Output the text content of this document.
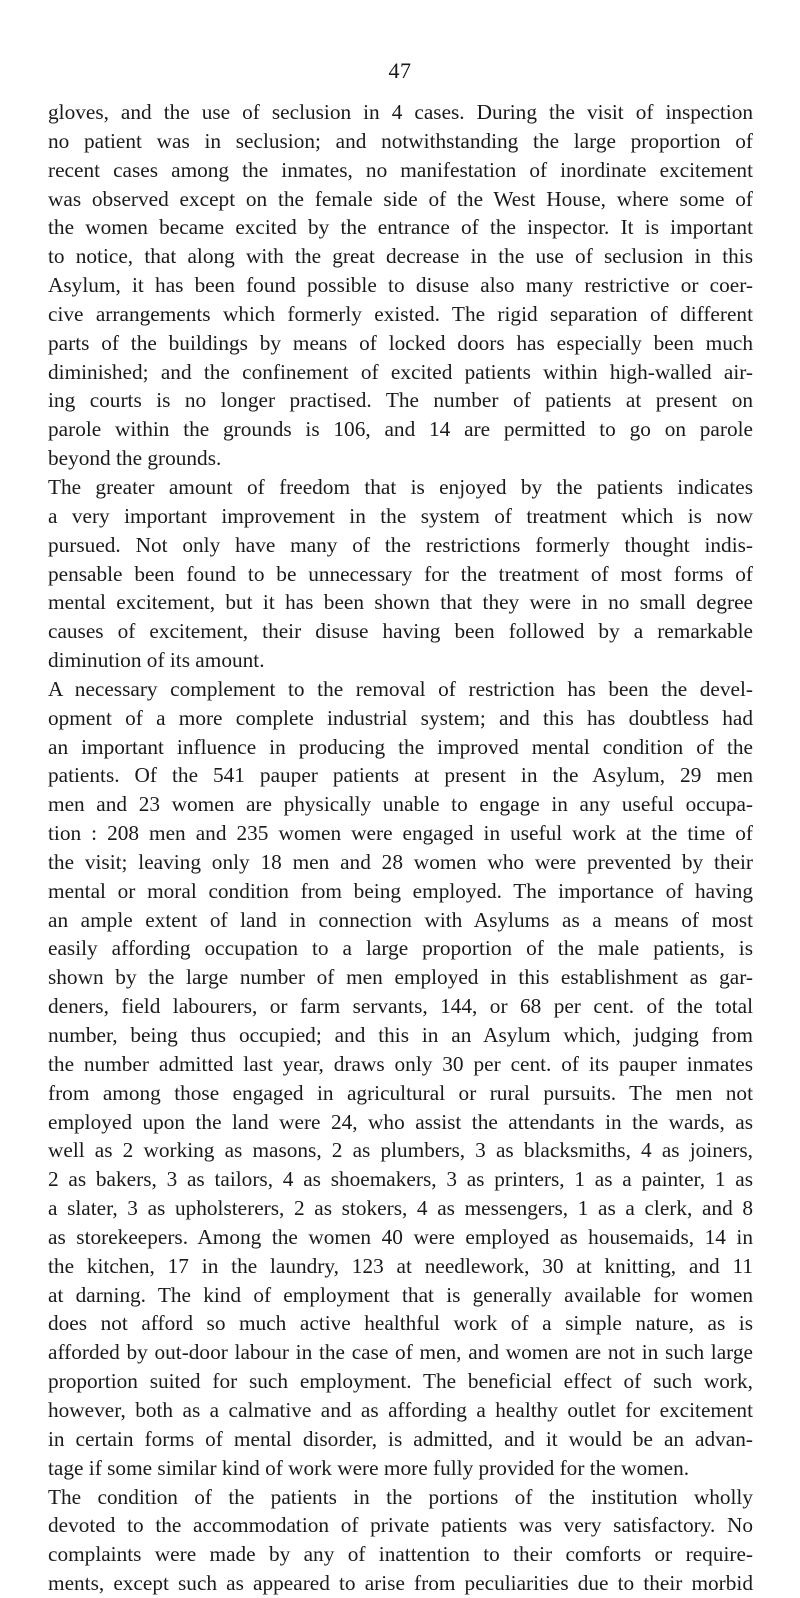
47
gloves, and the use of seclusion in 4 cases. During the visit of inspection
no patient was in seclusion; and notwithstanding the large proportion of
recent cases among the inmates, no manifestation of inordinate excitement
was observed except on the female side of the West House, where some of
the women became excited by the entrance of the inspector. It is important
to notice, that along with the great decrease in the use of seclusion in this
Asylum, it has been found possible to disuse also many restrictive or coer-
cive arrangements which formerly existed. The rigid separation of different
parts of the buildings by means of locked doors has especially been much
diminished; and the confinement of excited patients within high-walled air-
ing courts is no longer practised. The number of patients at present on
parole within the grounds is 106, and 14 are permitted to go on parole
beyond the grounds.
The greater amount of freedom that is enjoyed by the patients indicates
a very important improvement in the system of treatment which is now
pursued. Not only have many of the restrictions formerly thought indis-
pensable been found to be unnecessary for the treatment of most forms of
mental excitement, but it has been shown that they were in no small degree
causes of excitement, their disuse having been followed by a remarkable
diminution of its amount.
A necessary complement to the removal of restriction has been the devel-
opment of a more complete industrial system; and this has doubtless had
an important influence in producing the improved mental condition of the
patients. Of the 541 pauper patients at present in the Asylum, 29 men
men and 23 women are physically unable to engage in any useful occupa-
tion : 208 men and 235 women were engaged in useful work at the time of
the visit; leaving only 18 men and 28 women who were prevented by their
mental or moral condition from being employed. The importance of having
an ample extent of land in connection with Asylums as a means of most
easily affording occupation to a large proportion of the male patients, is
shown by the large number of men employed in this establishment as gar-
deners, field labourers, or farm servants, 144, or 68 per cent. of the total
number, being thus occupied; and this in an Asylum which, judging from
the number admitted last year, draws only 30 per cent. of its pauper inmates
from among those engaged in agricultural or rural pursuits. The men not
employed upon the land were 24, who assist the attendants in the wards, as
well as 2 working as masons, 2 as plumbers, 3 as blacksmiths, 4 as joiners,
2 as bakers, 3 as tailors, 4 as shoemakers, 3 as printers, 1 as a painter, 1 as
a slater, 3 as upholsterers, 2 as stokers, 4 as messengers, 1 as a clerk, and 8
as storekeepers. Among the women 40 were employed as housemaids, 14 in
the kitchen, 17 in the laundry, 123 at needlework, 30 at knitting, and 11
at darning. The kind of employment that is generally available for women
does not afford so much active healthful work of a simple nature, as is
afforded by out-door labour in the case of men, and women are not in such large
proportion suited for such employment. The beneficial effect of such work,
however, both as a calmative and as affording a healthy outlet for excitement
in certain forms of mental disorder, is admitted, and it would be an advan-
tage if some similar kind of work were more fully provided for the women.
The condition of the patients in the portions of the institution wholly
devoted to the accommodation of private patients was very satisfactory. No
complaints were made by any of inattention to their comforts or require-
ments, except such as appeared to arise from peculiarities due to their morbid
